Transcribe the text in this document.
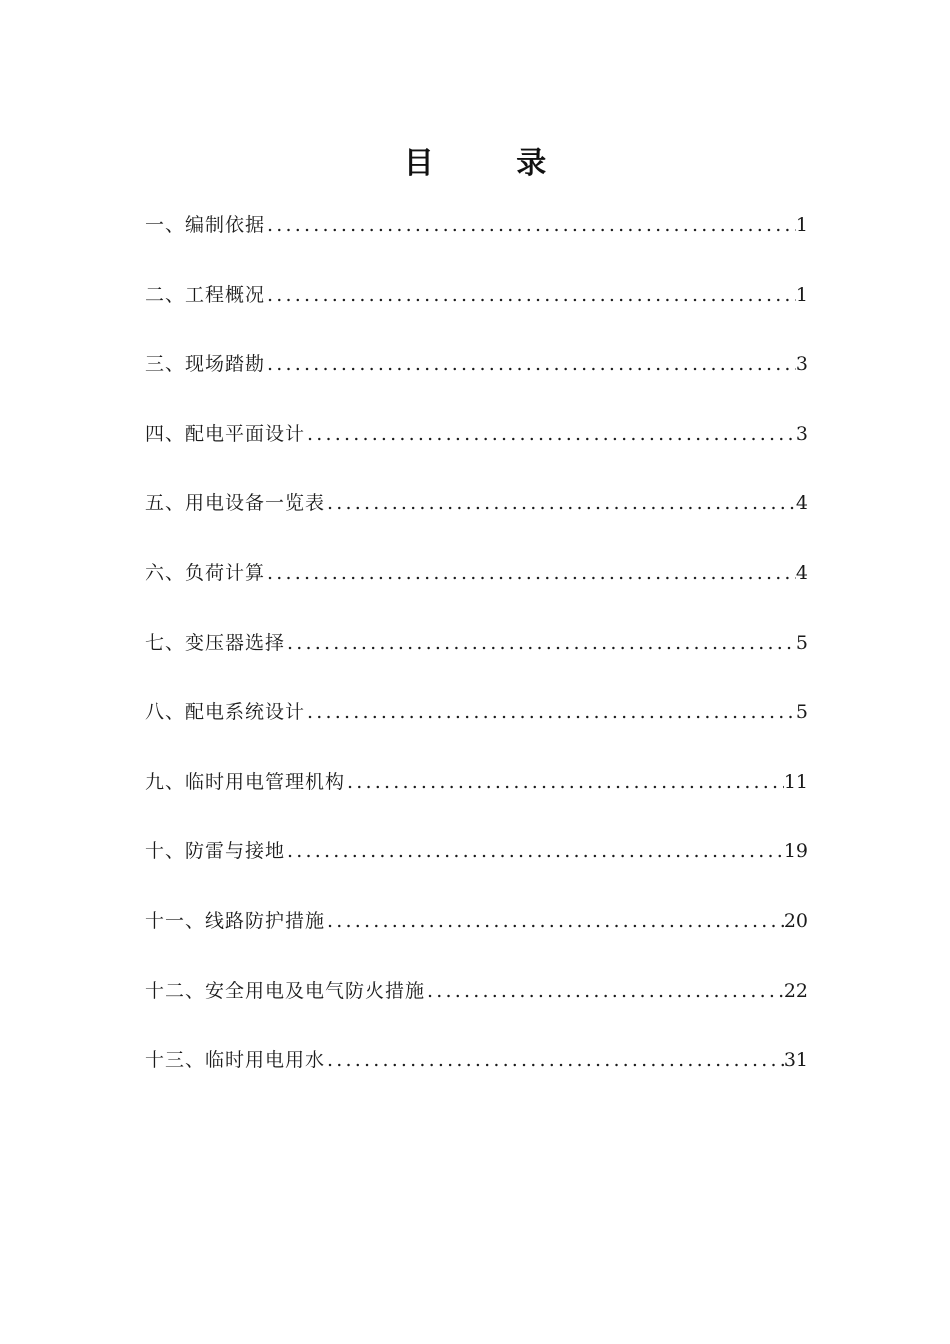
目 录
一、编制依据 .....	1
二、工程概况 .....	1
三、现场踏勘 .....	3
四、配电平面设计 .....	3
五、用电设备一览表 .....	4
六、负荷计算 .....	4
七、变压器选择 .....	5
八、配电系统设计 .....	5
九、临时用电管理机构 .....	11
十、防雷与接地 .....	19
十一、线路防护措施 .....	20
十二、安全用电及电气防火措施 .....	22
十三、临时用电用水 .....	31
